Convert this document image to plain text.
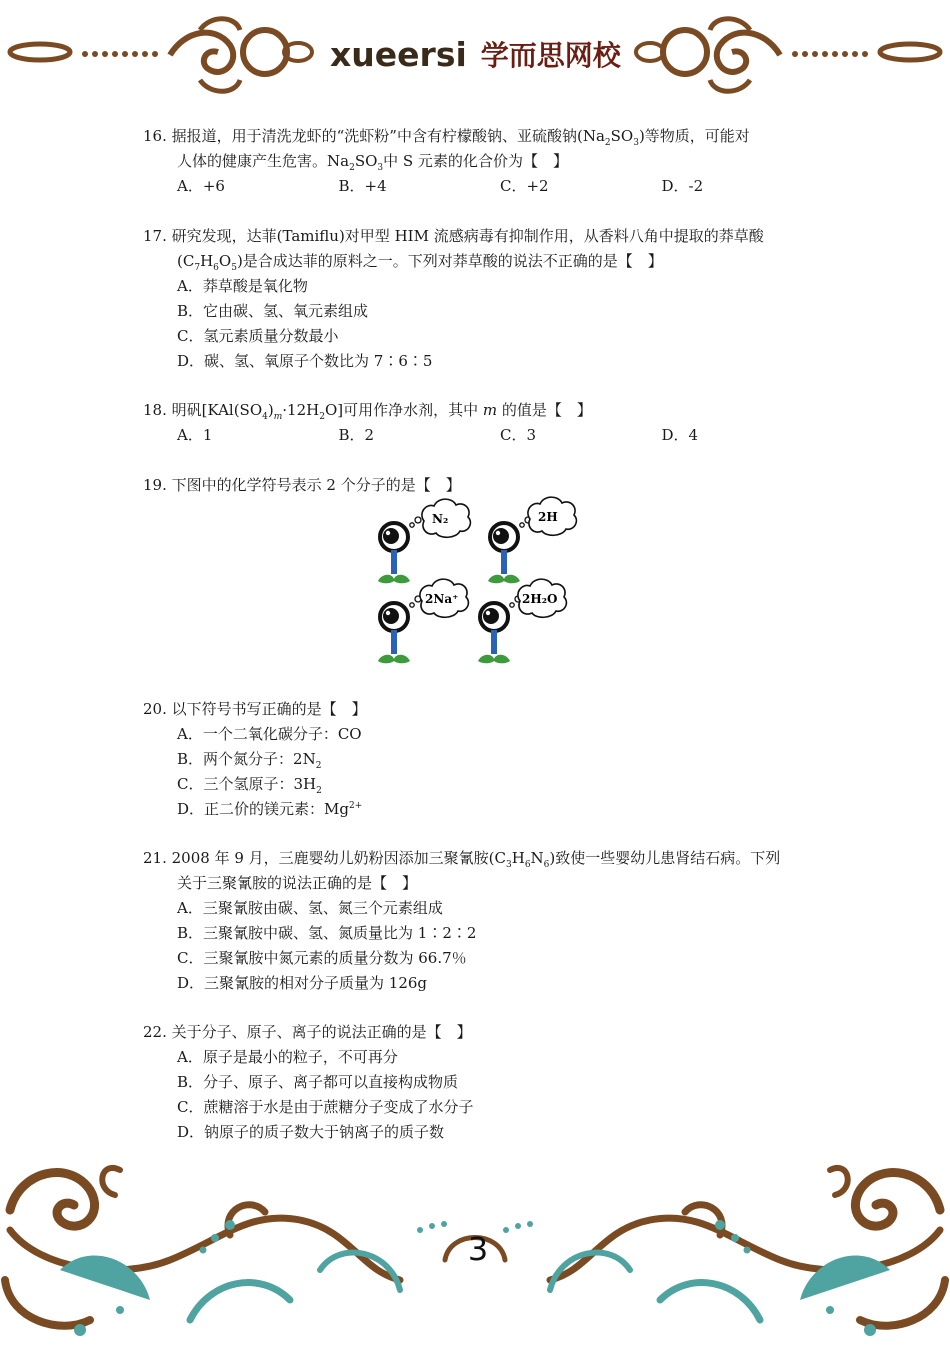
xueersi 学而思网校

16. 据报道，用于清洗龙虾的“洗虾粉”中含有柠檬酸钠、亚硫酸钠$(Na_2SO_3)$等物质，可能对
人体的健康产生危害。$Na_2SO_3$中 S 元素的化合价为【　】

A．+6	B．+4	C．+2	D．-2

17. 研究发现，达菲(Tamiflu)对甲型 HIM 流感病毒有抑制作用，从香料八角中提取的莽草酸
$(C_7H_6O_5)$是合成达菲的原料之一。下列对莽草酸的说法不正确的是【　】

A．莽草酸是氧化物
B．它由碳、氢、氧元素组成
C．氢元素质量分数最小
D．碳、氢、氧原子个数比为 7∶6∶5

18. 明矾$[KAl(SO_4)_m\cdot 12H_2O]$可用作净水剂，其中 m 的值是【　】

A．1	B．2	C．3	D．4

19. 下图中的化学符号表示 2 个分子的是【　】

N₂	2H
2Na⁺	2H₂O

20. 以下符号书写正确的是【　】

A．一个二氧化碳分子：CO
B．两个氮分子：$2N_2$
C．三个氢原子：$3H_2$
D．正二价的镁元素：$Mg^{2+}$

21. 2008 年 9 月，三鹿婴幼儿奶粉因添加三聚氰胺$(C_3H_6N_6)$致使一些婴幼儿患肾结石病。下列
关于三聚氰胺的说法正确的是【　】

A．三聚氰胺由碳、氢、氮三个元素组成
B．三聚氰胺中碳、氢、氮质量比为 1∶2∶2
C．三聚氰胺中氮元素的质量分数为 66.7％
D．三聚氰胺的相对分子质量为 126g

22. 关于分子、原子、离子的说法正确的是【　】

A．原子是最小的粒子，不可再分
B．分子、原子、离子都可以直接构成物质
C．蔗糖溶于水是由于蔗糖分子变成了水分子
D．钠原子的质子数大于钠离子的质子数
3
